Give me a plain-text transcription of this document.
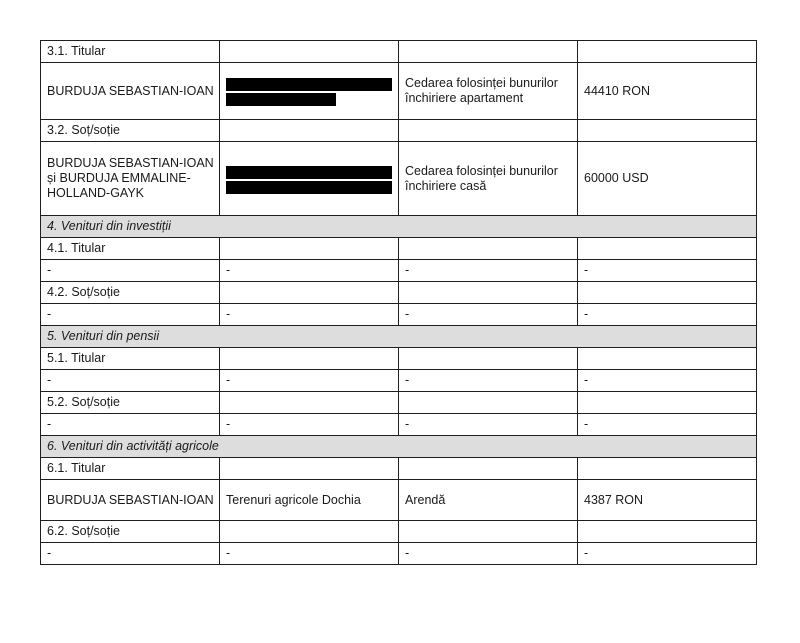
3.1. Titular			
BURDUJA SEBASTIAN-IOAN		Cedarea folosinței bunurilor închiriere apartament	44410 RON
3.2. Soț/soție			
BURDUJA SEBASTIAN-IOAN și BURDUJA EMMALINE-HOLLAND-GAYK		Cedarea folosinței bunurilor închiriere casă	60000 USD
4. Venituri din investiții			
4.1. Titular			
-	-	-	-
4.2. Soț/soție			
-	-	-	-
5. Venituri din pensii			
5.1. Titular			
-	-	-	-
5.2. Soț/soție			
-	-	-	-
6. Venituri din activități agricole			
6.1. Titular			
BURDUJA SEBASTIAN-IOAN	Terenuri agricole Dochia	Arendă	4387 RON
6.2. Soț/soție			
-	-	-	-
